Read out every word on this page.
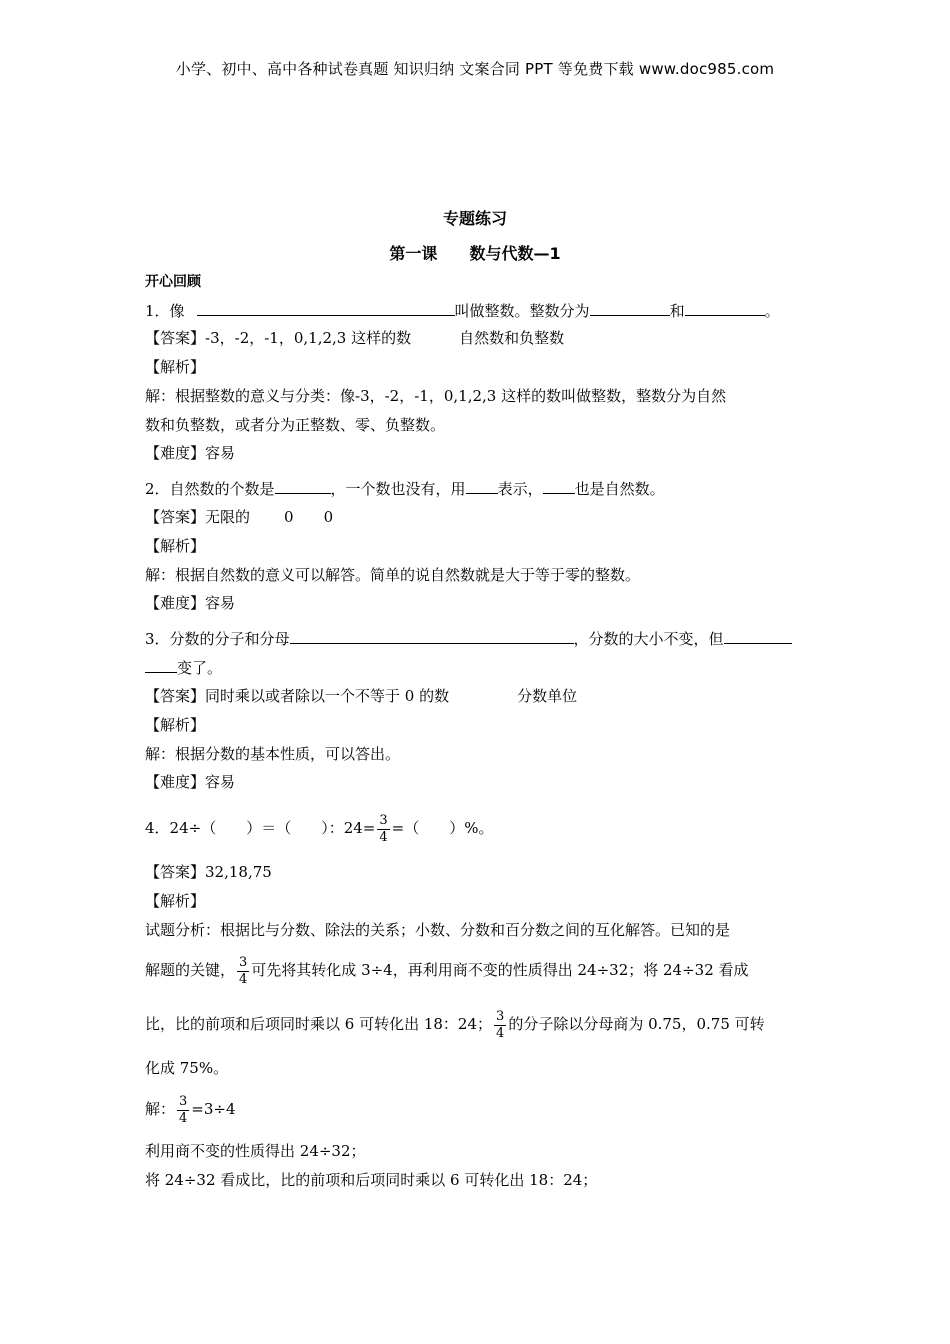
小学、初中、高中各种试卷真题 知识归纳 文案合同 PPT 等免费下载 www.doc985.com
专题练习
第一课 数与代数—1
开心回顾
1．像	叫做整数。整数分为	和	。
【答案】-3，-2，-1，0,1,2,3 这样的数	自然数和负整数
【解析】
解：根据整数的意义与分类：像-3，-2，-1，0,1,2,3 这样的数叫做整数，整数分为自然
数和负整数，或者分为正整数、零、负整数。
【难度】容易
2．自然数的个数是	，一个数也没有，用 表示， 也是自然数。
【答案】无限的 0 0
【解析】
解：根据自然数的意义可以解答。简单的说自然数就是大于等于零的整数。
【难度】容易
3．分数的分子和分母	，分数的大小不变，但
变了。
【答案】同时乘以或者除以一个不等于 0 的数	分数单位
【解析】
解：根据分数的基本性质，可以答出。
【难度】容易
4．24÷（　　）＝（　　）：$24= \frac{3}{4}$ =（　　）%。
【答案】32,18,75
【解析】
试题分析：根据比与分数、除法的关系；小数、分数和百分数之间的互化解答。已知的是
解题的关键， $\frac{3}{4}$ 可先将其转化成 3÷4，再利用商不变的性质得出 24÷32；将 24÷32 看成
比，比的前项和后项同时乘以 6 可转化出 18：24； $\frac{3}{4}$ 的分子除以分母商为 0.75，0.75 可转
化成 75%。
解： $\frac{3}{4} =3\div 4$
利用商不变的性质得出 24÷32；
将 24÷32 看成比，比的前项和后项同时乘以 6 可转化出 18：24；
